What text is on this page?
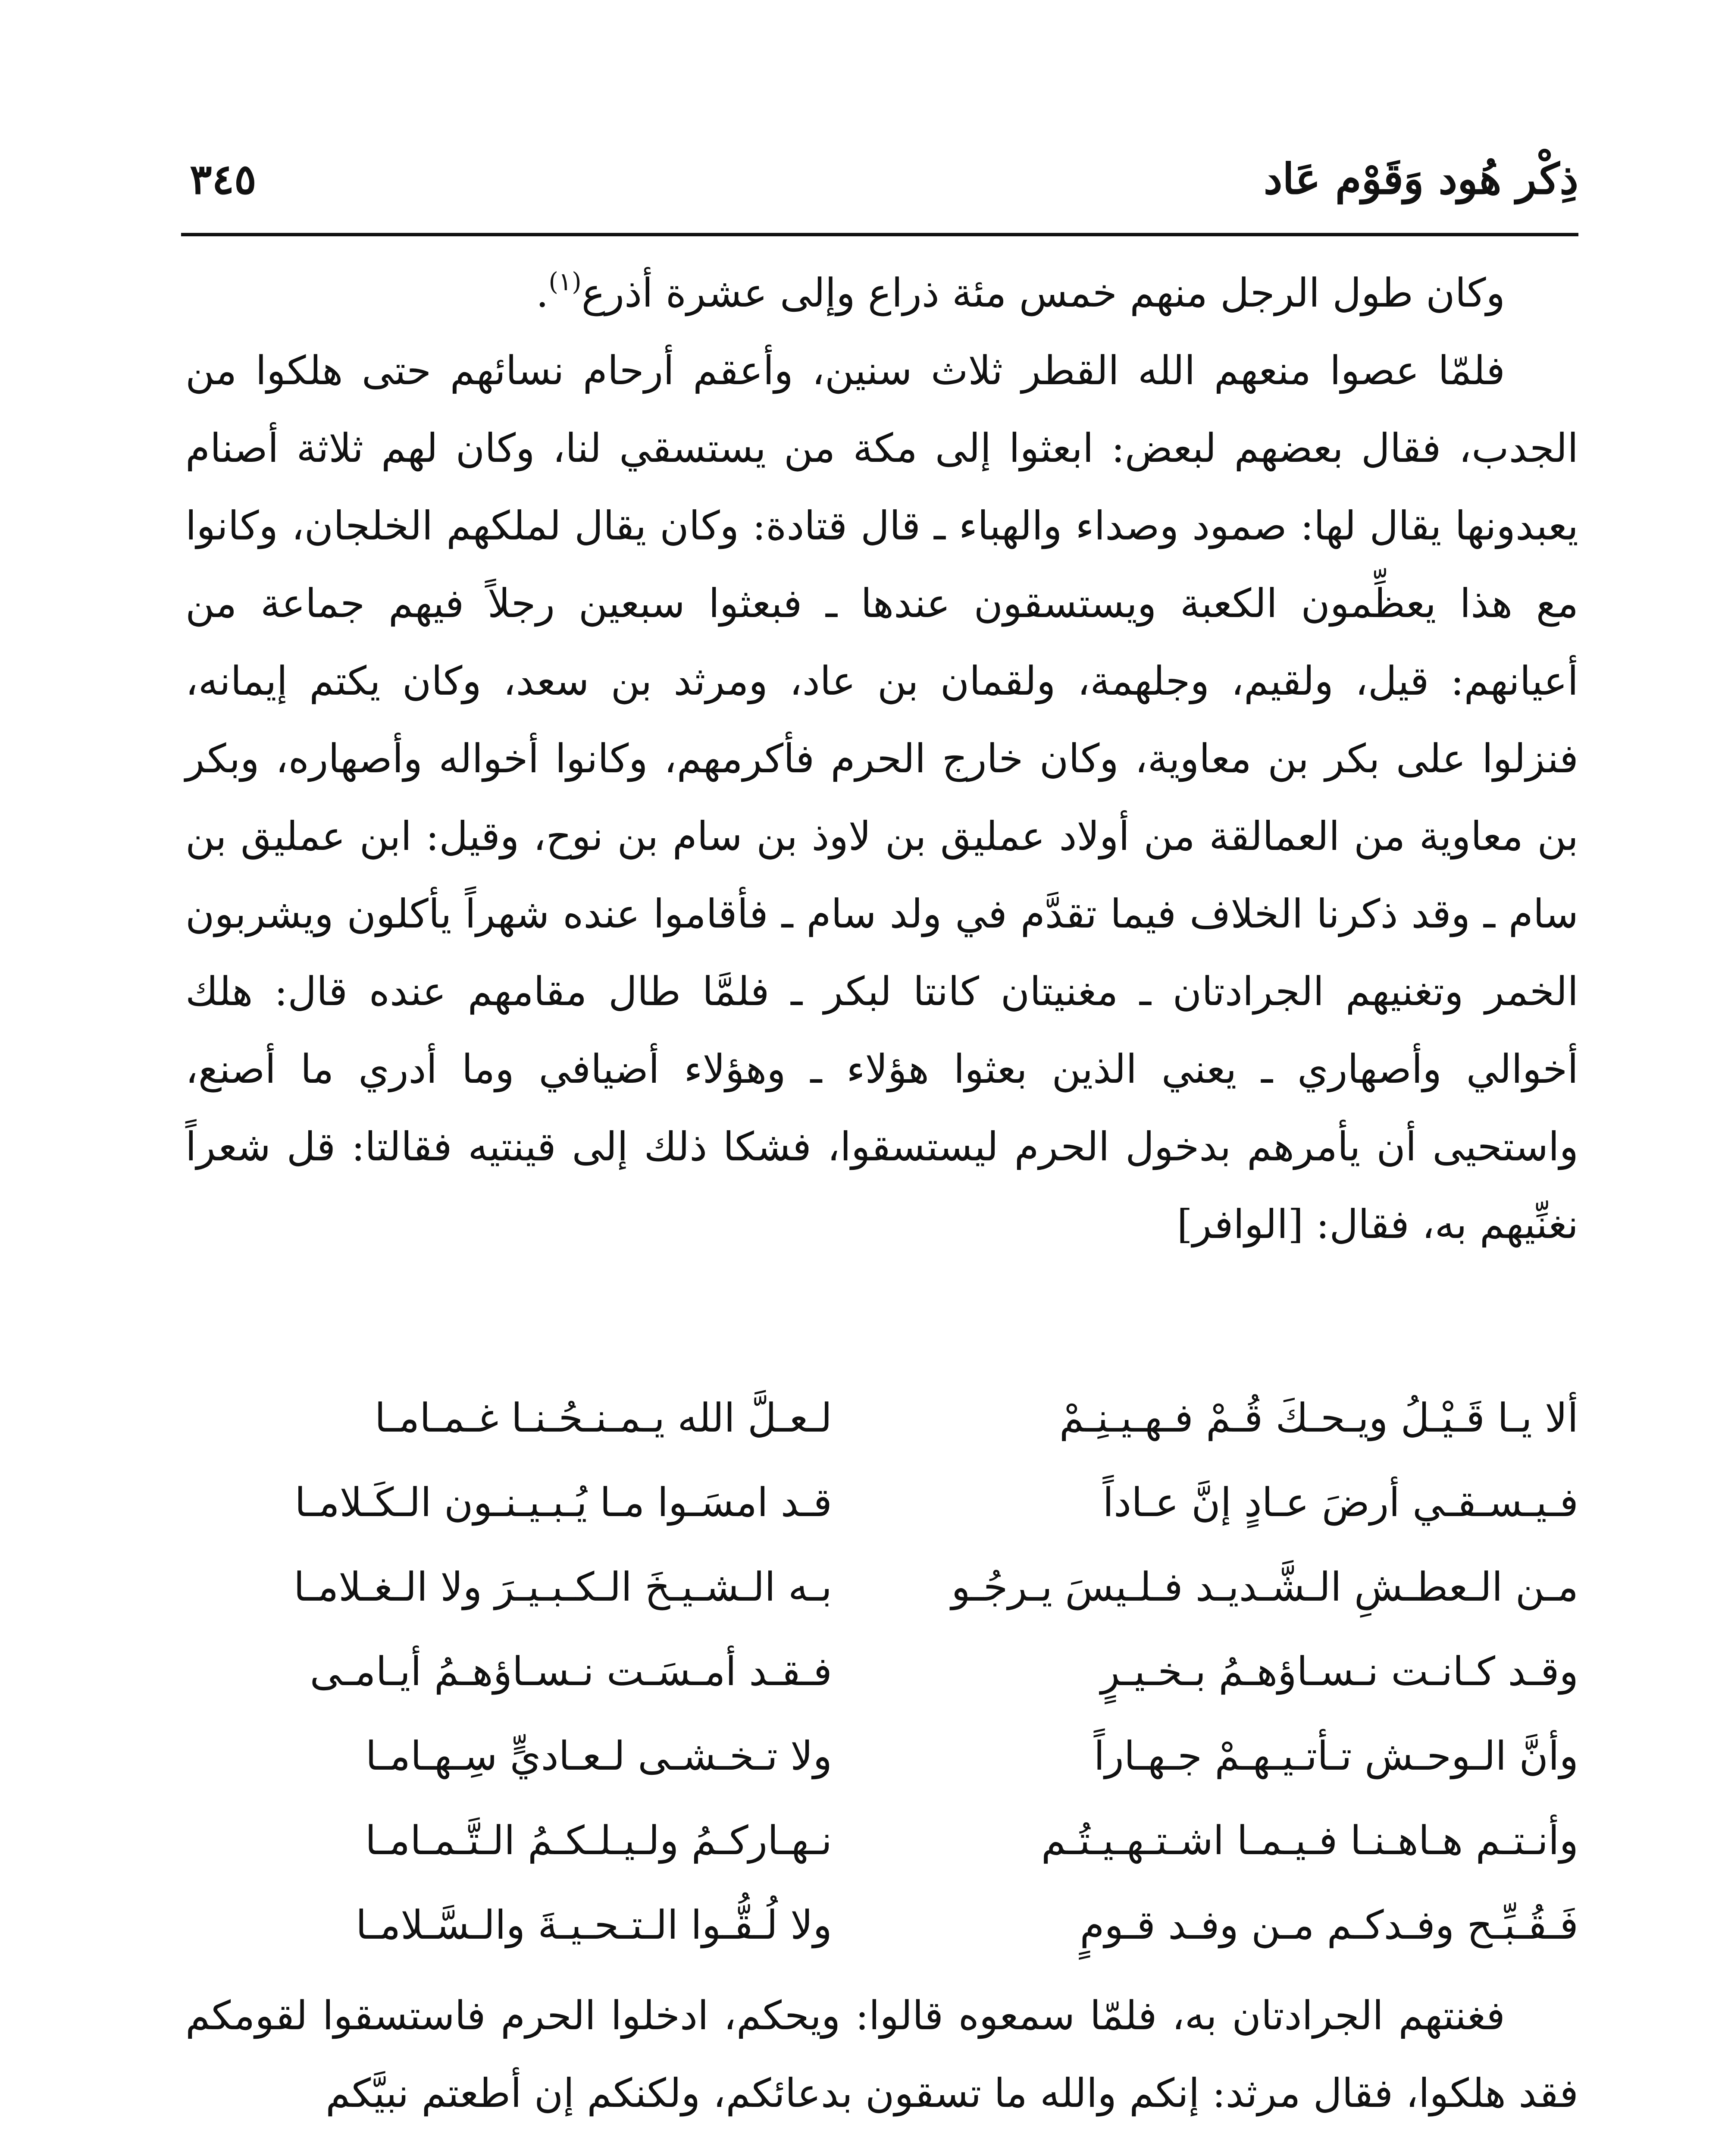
ذِكْر هُود وَقَوْم عَاد
٣٤٥

وكان طول الرجل منهم خمس مئة ذراع وإلى عشرة أذرع$^{(١)}$.

فلمّا عصوا منعهم الله القطر ثلاث سنين، وأعقم أرحام نسائهم حتى هلكوا من الجدب، فقال بعضهم لبعض: ابعثوا إلى مكة من يستسقي لنا، وكان لهم ثلاثة أصنام يعبدونها يقال لها: صمود وصداء والهباء ـ قال قتادة: وكان يقال لملكهم الخلجان، وكانوا مع هذا يعظِّمون الكعبة ويستسقون عندها ـ فبعثوا سبعين رجلاً فيهم جماعة من أعيانهم: قيل، ولقيم، وجلهمة، ولقمان بن عاد، ومرثد بن سعد، وكان يكتم إيمانه، فنزلوا على بكر بن معاوية، وكان خارج الحرم فأكرمهم، وكانوا أخواله وأصهاره، وبكر بن معاوية من العمالقة من أولاد عمليق بن لاوذ بن سام بن نوح، وقيل: ابن عمليق بن سام ـ وقد ذكرنا الخلاف فيما تقدَّم في ولد سام ـ فأقاموا عنده شهراً يأكلون ويشربون الخمر وتغنيهم الجرادتان ـ مغنيتان كانتا لبكر ـ فلمَّا طال مقامهم عنده قال: هلك أخوالي وأصهاري ـ يعني الذين بعثوا هؤلاء ـ وهؤلاء أضيافي وما أدري ما أصنع، واستحيى أن يأمرهم بدخول الحرم ليستسقوا، فشكا ذلك إلى قينتيه فقالتا: قل شعراً نغنِّيهم به، فقال: [الوافر]

ألا يـا قَـيْـلُ ويـحـكَ قُـمْ فـهـيـنِـمْ
لـعـلَّ الله يـمـنـحُـنـا غـمـامـا
فـيـسـقـي أرضَ عـادٍ إنَّ عـاداً
قـد امسَـوا مـا يُـبـيـنـون الـكَـلامـا
مـن الـعطـشِ الـشَّـديـد فـلـيسَ يـرجُـو
بـه الـشـيـخَ الـكـبـيـرَ ولا الـغـلامـا
وقـد كـانـت نـسـاؤهـمُ بـخـيـرٍ
فـقـد أمـسَـت نـسـاؤهـمُ أيـامـى
وأنَّ الـوحـش تـأتـيـهـمْ جـهـاراً
ولا تـخـشـى لـعـاديٍّ سِـهـامـا
وأنـتـم هـاهـنـا فـيـمـا اشـتـهـيـتُـم
نـهـاركـمُ ولـيـلـكـمُ الـتَّـمـامـا
فَـقُـبِّـح وفـدكـم مـن وفـد قـومٍ
ولا لُـقُّـوا الـتـحـيـةَ والـسَّـلامـا

فغنتهم الجرادتان به، فلمّا سمعوه قالوا: ويحكم، ادخلوا الحرم فاستسقوا لقومكم فقد هلكوا، فقال مرثد: إنكم والله ما تسقون بدعائكم، ولكنكم إن أطعتم نبيَّكم
